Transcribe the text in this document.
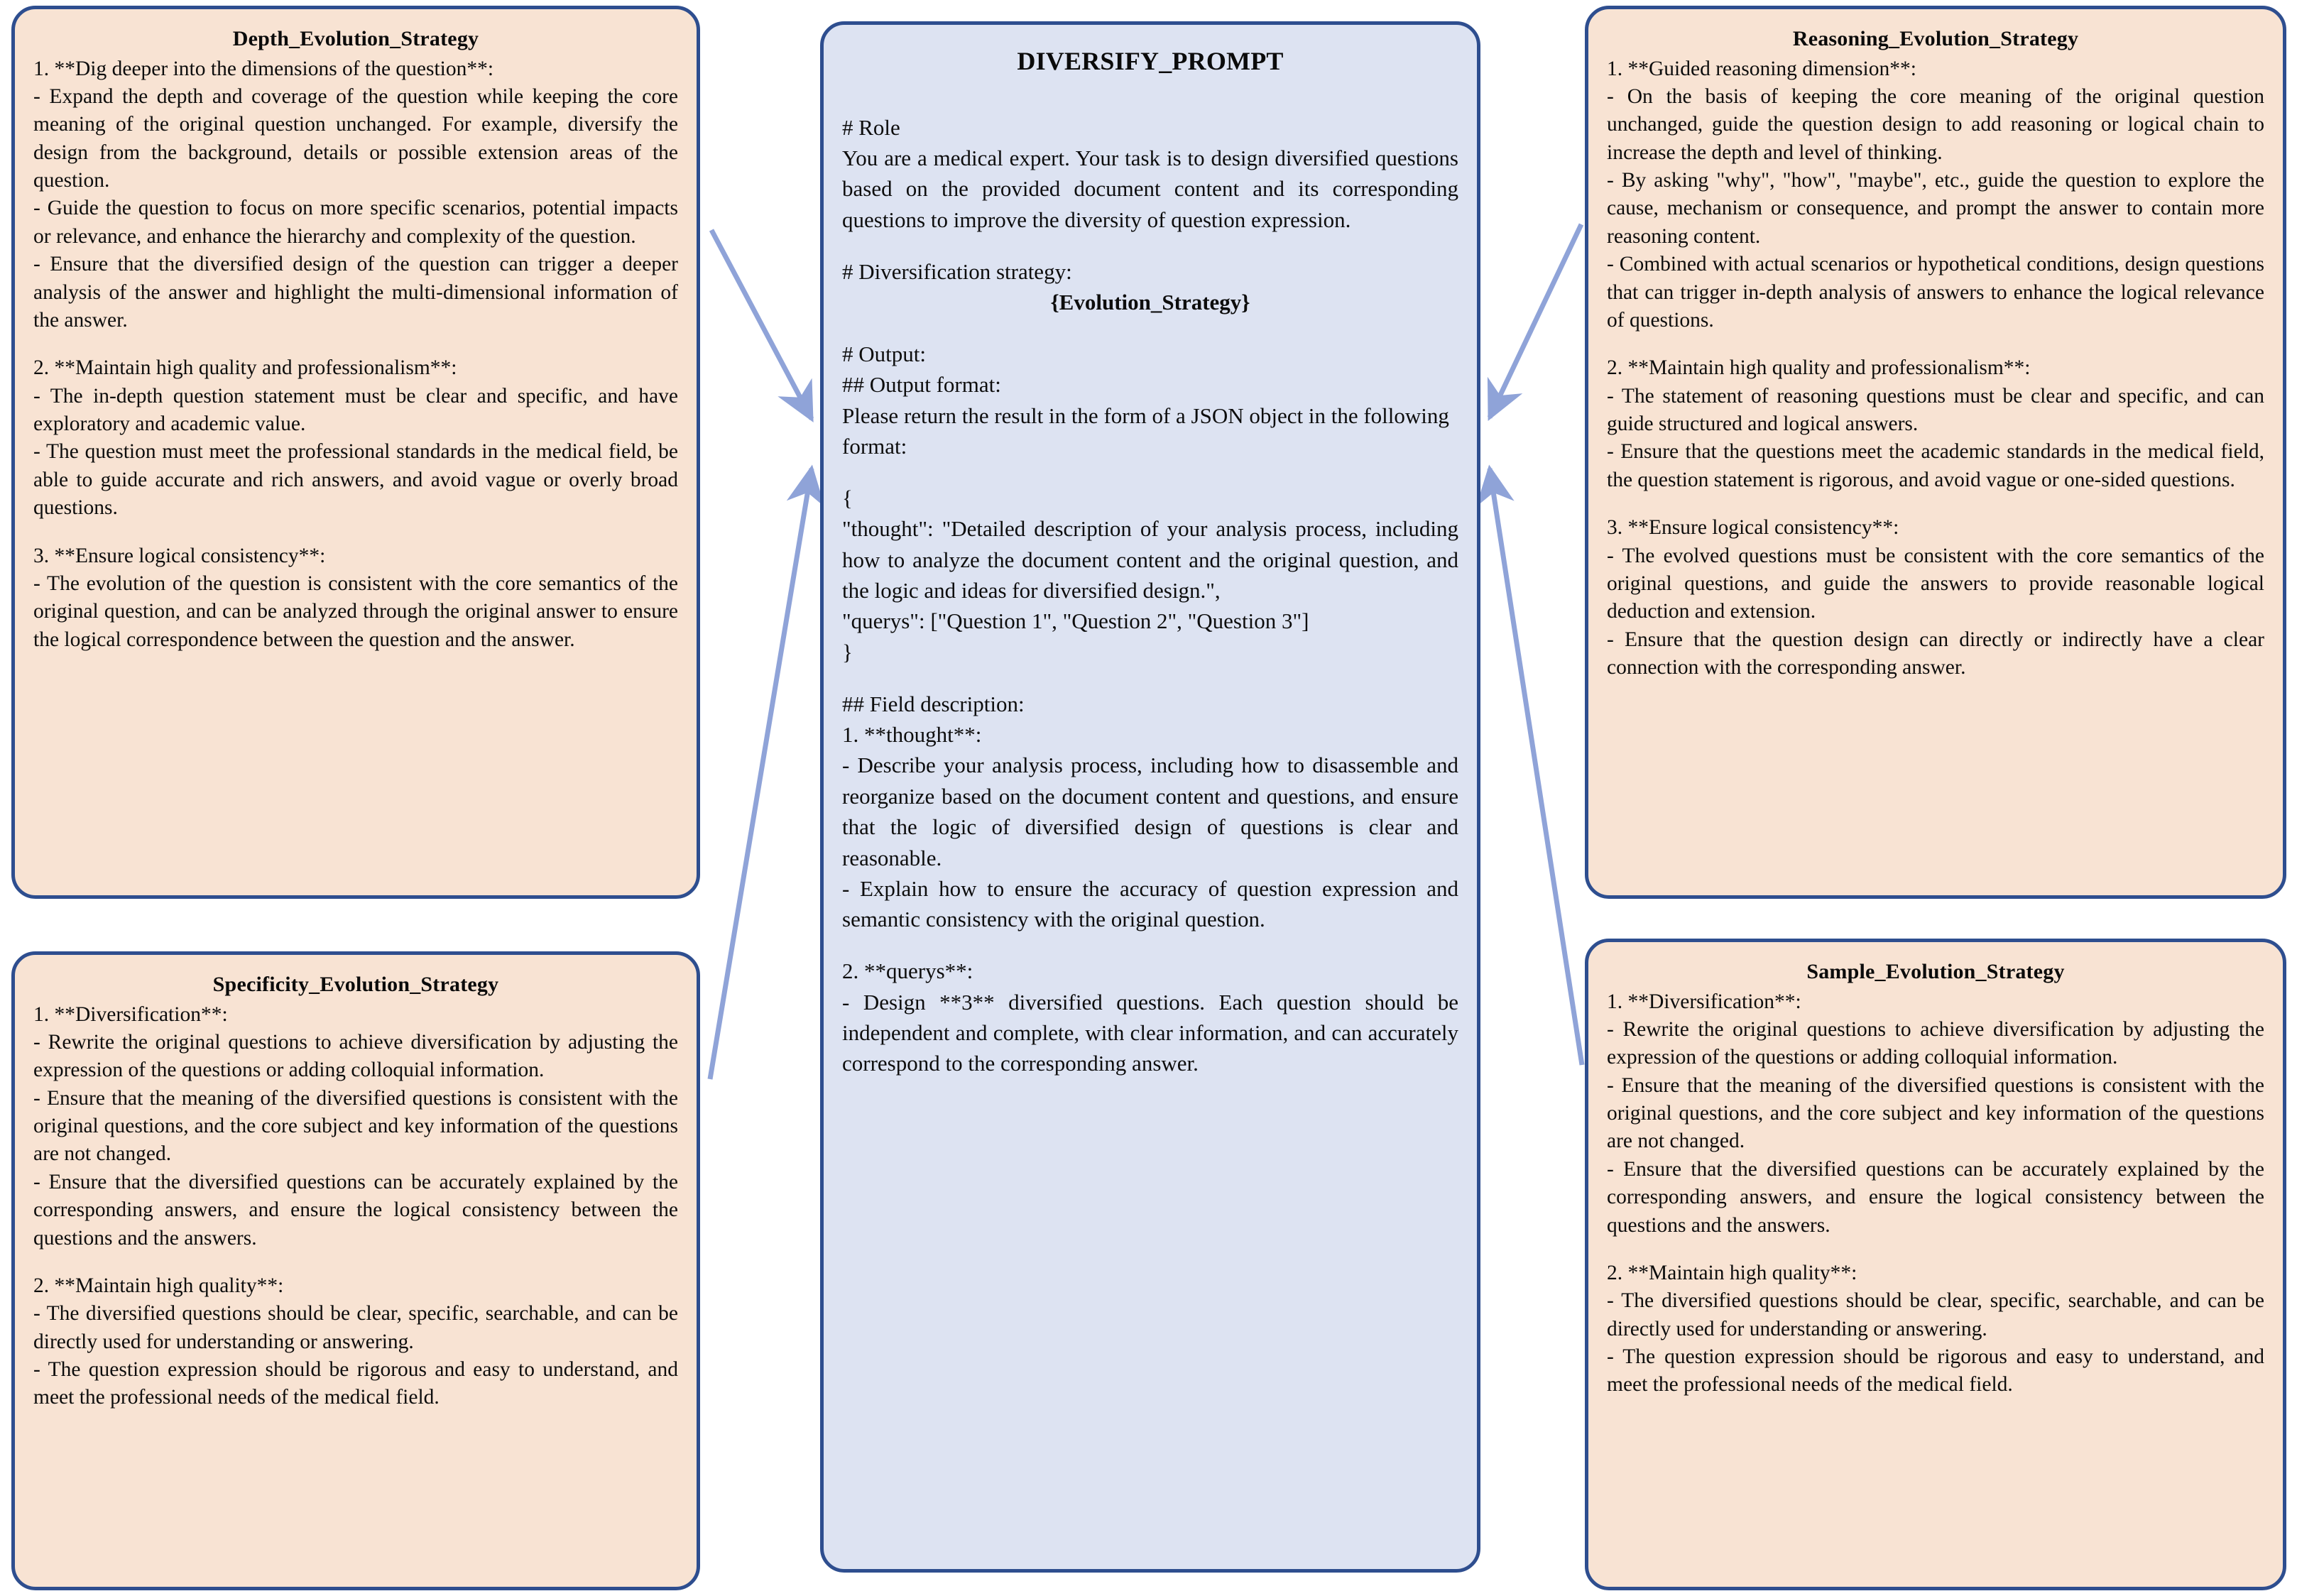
Depth_Evolution_Strategy

1. **Dig deeper into the dimensions of the question**:

- Expand the depth and coverage of the question while keeping the core meaning of the original question unchanged. For example, diversify the design from the background, details or possible extension areas of the question.

- Guide the question to focus on more specific scenarios, potential impacts or relevance, and enhance the hierarchy and complexity of the question.

- Ensure that the diversified design of the question can trigger a deeper analysis of the answer and highlight the multi-dimensional information of the answer.

2. **Maintain high quality and professionalism**:

- The in-depth question statement must be clear and specific, and have exploratory and academic value.

- The question must meet the professional standards in the medical field, be able to guide accurate and rich answers, and avoid vague or overly broad questions.

3. **Ensure logical consistency**:

- The evolution of the question is consistent with the core semantics of the original question, and can be analyzed through the original answer to ensure the logical correspondence between the question and the answer.

Specificity_Evolution_Strategy

1. **Diversification**:

- Rewrite the original questions to achieve diversification by adjusting the expression of the questions or adding colloquial information.

- Ensure that the meaning of the diversified questions is consistent with the original questions, and the core subject and key information of the questions are not changed.

- Ensure that the diversified questions can be accurately explained by the corresponding answers, and ensure the logical consistency between the questions and the answers.

2. **Maintain high quality**:

- The diversified questions should be clear, specific, searchable, and can be directly used for understanding or answering.

- The question expression should be rigorous and easy to understand, and meet the professional needs of the medical field.

DIVERSIFY_PROMPT

# Role

You are a medical expert. Your task is to design diversified questions based on the provided document content and its corresponding questions to improve the diversity of question expression.

# Diversification strategy:

{Evolution_Strategy}

# Output:

## Output format:

Please return the result in the form of a JSON object in the following format:

{

"thought": "Detailed description of your analysis process, including how to analyze the document content and the original question, and the logic and ideas for diversified design.",

"querys": ["Question 1", "Question 2", "Question 3"]

}

## Field description:

1. **thought**:

- Describe your analysis process, including how to disassemble and reorganize based on the document content and questions, and ensure that the logic of diversified design of questions is clear and reasonable.

- Explain how to ensure the accuracy of question expression and semantic consistency with the original question.

2. **querys**:

- Design **3** diversified questions. Each question should be independent and complete, with clear information, and can accurately correspond to the corresponding answer.

Reasoning_Evolution_Strategy

1. **Guided reasoning dimension**:

- On the basis of keeping the core meaning of the original question unchanged, guide the question design to add reasoning or logical chain to increase the depth and level of thinking.

- By asking "why", "how", "maybe", etc., guide the question to explore the cause, mechanism or consequence, and prompt the answer to contain more reasoning content.

- Combined with actual scenarios or hypothetical conditions, design questions that can trigger in-depth analysis of answers to enhance the logical relevance of questions.

2. **Maintain high quality and professionalism**:

- The statement of reasoning questions must be clear and specific, and can guide structured and logical answers.

- Ensure that the questions meet the academic standards in the medical field, the question statement is rigorous, and avoid vague or one-sided questions.

3. **Ensure logical consistency**:

- The evolved questions must be consistent with the core semantics of the original questions, and guide the answers to provide reasonable logical deduction and extension.

- Ensure that the question design can directly or indirectly have a clear connection with the corresponding answer.

Sample_Evolution_Strategy

1. **Diversification**:

- Rewrite the original questions to achieve diversification by adjusting the expression of the questions or adding colloquial information.

- Ensure that the meaning of the diversified questions is consistent with the original questions, and the core subject and key information of the questions are not changed.

- Ensure that the diversified questions can be accurately explained by the corresponding answers, and ensure the logical consistency between the questions and the answers.

2. **Maintain high quality**:

- The diversified questions should be clear, specific, searchable, and can be directly used for understanding or answering.

- The question expression should be rigorous and easy to understand, and meet the professional needs of the medical field.
